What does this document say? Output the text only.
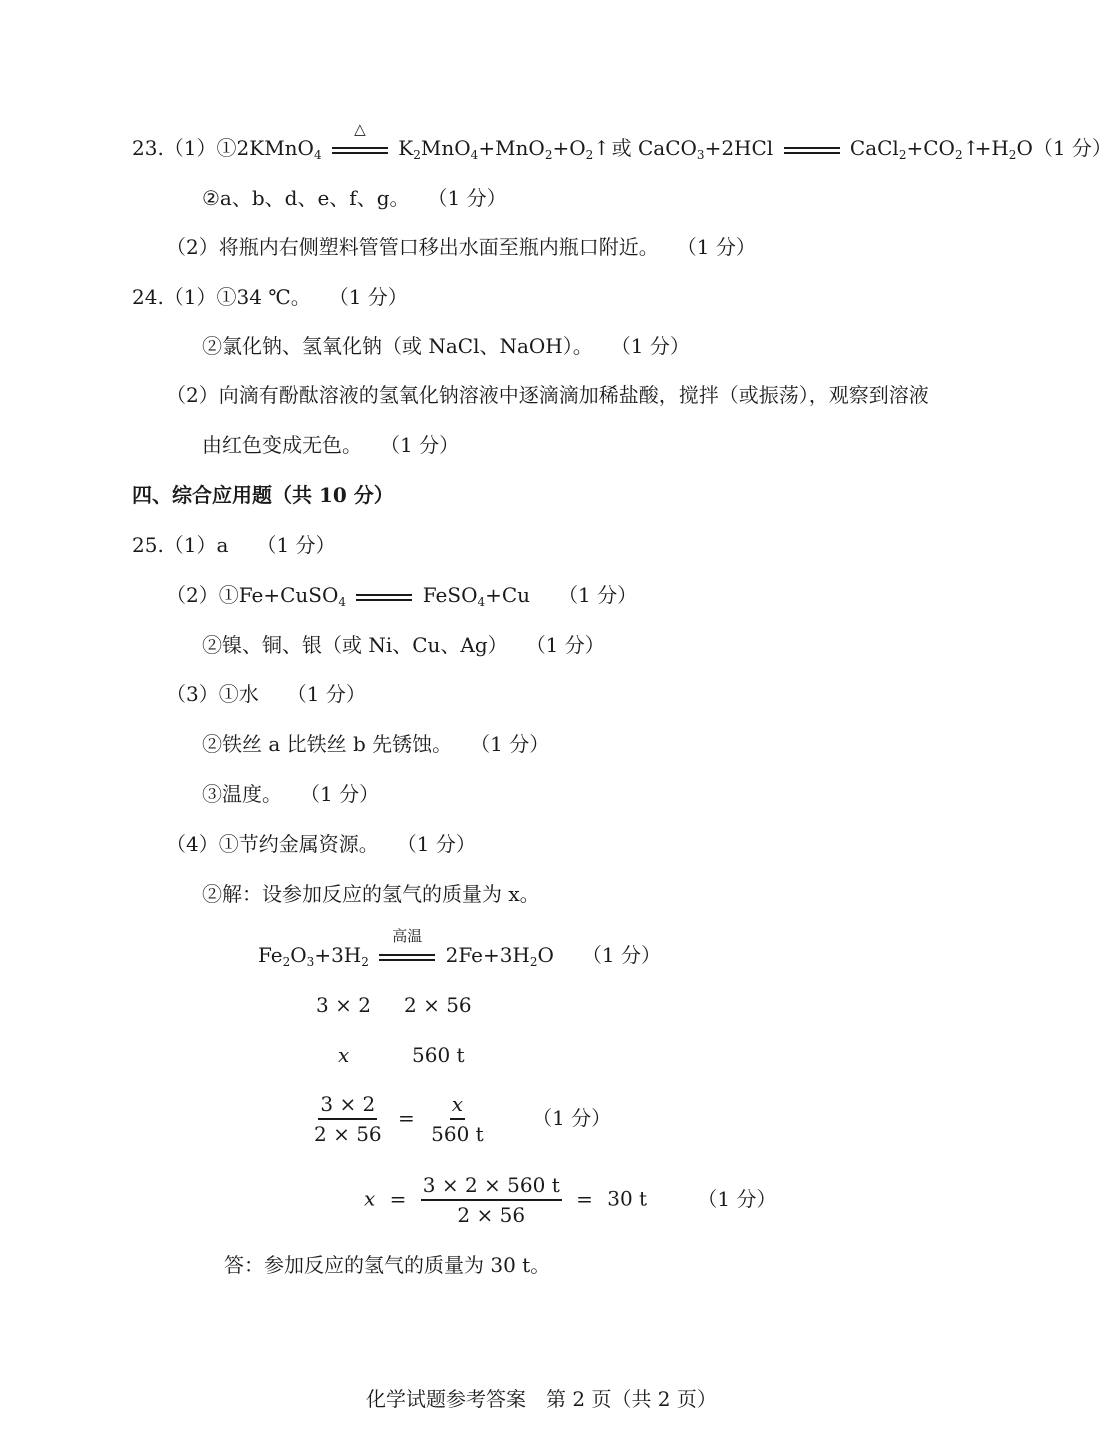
23.（1）①2KMnO$_4$
△
$K_2MnO_4+MnO_2+O_2↑$ 或 CaCO$_3$+2HCl	$CaCl_2+CO_2↑+H_2O(1$ 分）
②a、b、d、e、f、g。 （1 分）
（2）将瓶内右侧塑料管管口移出水面至瓶内瓶口附近。 （1 分）
24.（1）①34 ℃。 （1 分）
②氯化钠、氢氧化钠（或 NaCl、NaOH）。 （1 分）
（2）向滴有酚酞溶液的氢氧化钠溶液中逐滴滴加稀盐酸，搅拌（或振荡），观察到溶液
由红色变成无色。 （1 分）
四、综合应用题（共 10 分）
25.（1）a （1 分）
（2）①Fe+CuSO$_4$	FeSO$_4$+Cu （1 分）
②镍、铜、银（或 Ni、Cu、Ag） （1 分）
（3）①水 （1 分）
②铁丝 a 比铁丝 b 先锈蚀。 （1 分）
③温度。 （1 分）
（4）①节约金属资源。 （1 分）
②解：设参加反应的氢气的质量为 x。
$Fe_2O_3+3H_2$
高温
$2Fe+3H_2O$ （1 分）
3 × 2 2 × 56
x	560 t
$\frac{3 \times 2}{2 \times 56} = \frac{x}{560 t} (1$ 分）
$x = \frac{3 \times 2 \times 560 t}{2 \times 56} = 30$ t	（1 分）
答：参加反应的氢气的质量为 30 t。
化学试题参考答案　第 2 页（共 2 页）
